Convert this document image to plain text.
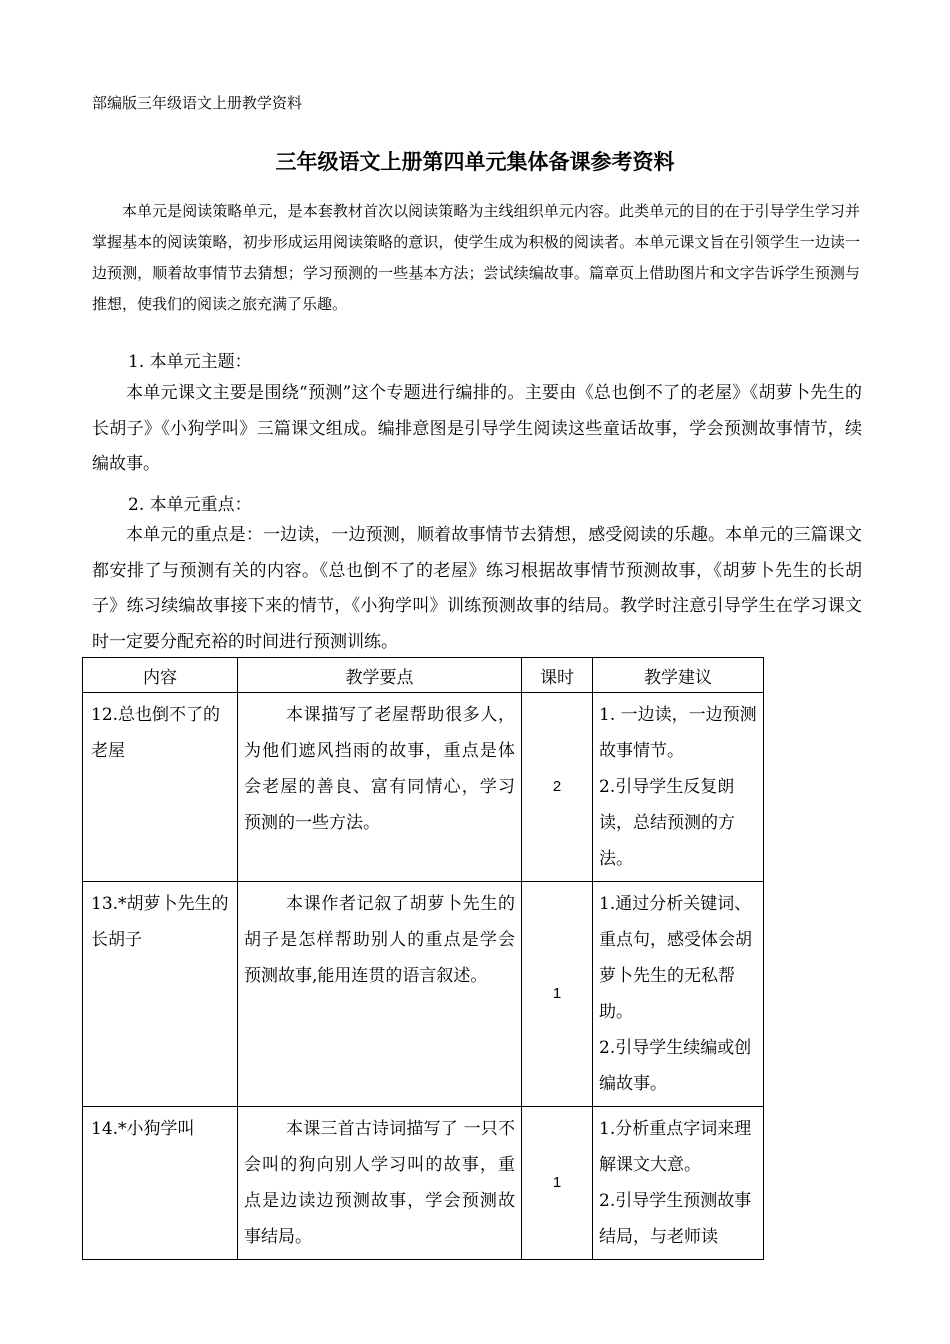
部编版三年级语文上册教学资料
三年级语文上册第四单元集体备课参考资料

本单元是阅读策略单元，是本套教材首次以阅读策略为主线组织单元内容。此类单元的目的在于引导学生学习并掌握基本的阅读策略，初步形成运用阅读策略的意识，使学生成为积极的阅读者。本单元课文旨在引领学生一边读一边预测，顺着故事情节去猜想；学习预测的一些基本方法；尝试续编故事。篇章页上借助图片和文字告诉学生预测与推想，使我们的阅读之旅充满了乐趣。

1. 本单元主题：

本单元课文主要是围绕“预测”这个专题进行编排的。主要由《总也倒不了的老屋》《胡萝卜先生的长胡子》《小狗学叫》三篇课文组成。编排意图是引导学生阅读这些童话故事，学会预测故事情节，续编故事。

2. 本单元重点：

本单元的重点是：一边读，一边预测，顺着故事情节去猜想，感受阅读的乐趣。本单元的三篇课文都安排了与预测有关的内容。《总也倒不了的老屋》练习根据故事情节预测故事，《胡萝卜先生的长胡子》练习续编故事接下来的情节，《小狗学叫》训练预测故事的结局。教学时注意引导学生在学习课文时一定要分配充裕的时间进行预测训练。

内容	教学要点	课时	教学建议
12.总也倒不了的老屋	本课描写了老屋帮助很多人，为他们遮风挡雨的故事，重点是体会老屋的善良、富有同情心，学习预测的一些方法。	2	1. 一边读，一边预测故事情节。
2.引导学生反复朗读，总结预测的方法。

13.*胡萝卜先生的长胡子	本课作者记叙了胡萝卜先生的胡子是怎样帮助别人的重点是学会预测故事,能用连贯的语言叙述。	1	1.通过分析关键词、重点句，感受体会胡萝卜先生的无私帮助。
2.引导学生续编或创编故事。

14.*小狗学叫	本课三首古诗词描写了 一只不会叫的狗向别人学习叫的故事，重点是边读边预测故事，学会预测故事结局。	1	1.分析重点字词来理解课文大意。
2.引导学生预测故事结局，与老师读
